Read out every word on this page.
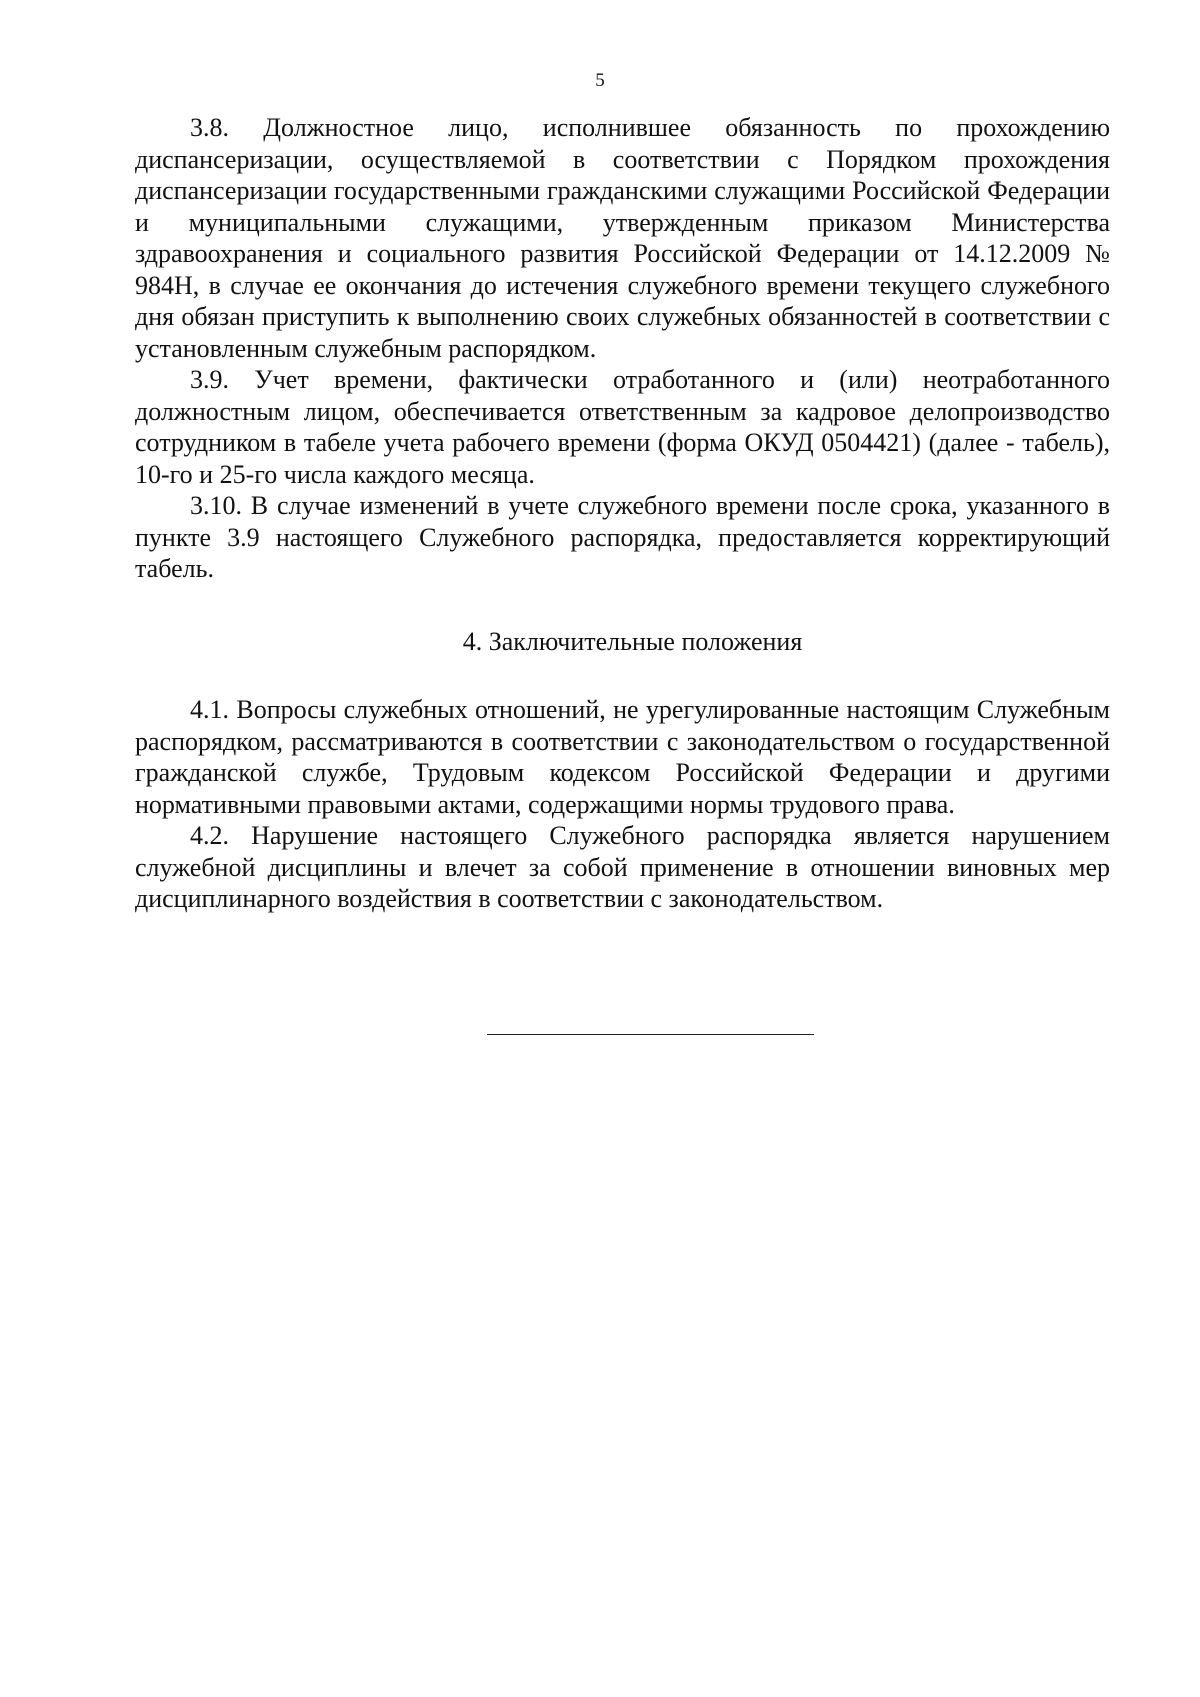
5

3.8. Должностное лицо, исполнившее обязанность по прохождению диспансеризации, осуществляемой в соответствии с Порядком прохождения диспансеризации государственными гражданскими служащими Российской Федерации и муниципальными служащими, утвержденным приказом Министерства здравоохранения и социального развития Российской Федерации от 14.12.2009 № 984Н, в случае ее окончания до истечения служебного времени текущего служебного дня обязан приступить к выполнению своих служебных обязанностей в соответствии с установленным служебным распорядком.

3.9. Учет времени, фактически отработанного и (или) неотработанного должностным лицом, обеспечивается ответственным за кадровое делопроизводство сотрудником в табеле учета рабочего времени (форма ОКУД 0504421) (далее - табель), 10-го и 25-го числа каждого месяца.

3.10. В случае изменений в учете служебного времени после срока, указанного в пункте 3.9 настоящего Служебного распорядка, предоставляется корректирующий табель.

4. Заключительные положения

4.1. Вопросы служебных отношений, не урегулированные настоящим Служебным распорядком, рассматриваются в соответствии с законодательством о государственной гражданской службе, Трудовым кодексом Российской Федерации и другими нормативными правовыми актами, содержащими нормы трудового права.

4.2. Нарушение настоящего Служебного распорядка является нарушением служебной дисциплины и влечет за собой применение в отношении виновных мер дисциплинарного воздействия в соответствии с законодательством.
